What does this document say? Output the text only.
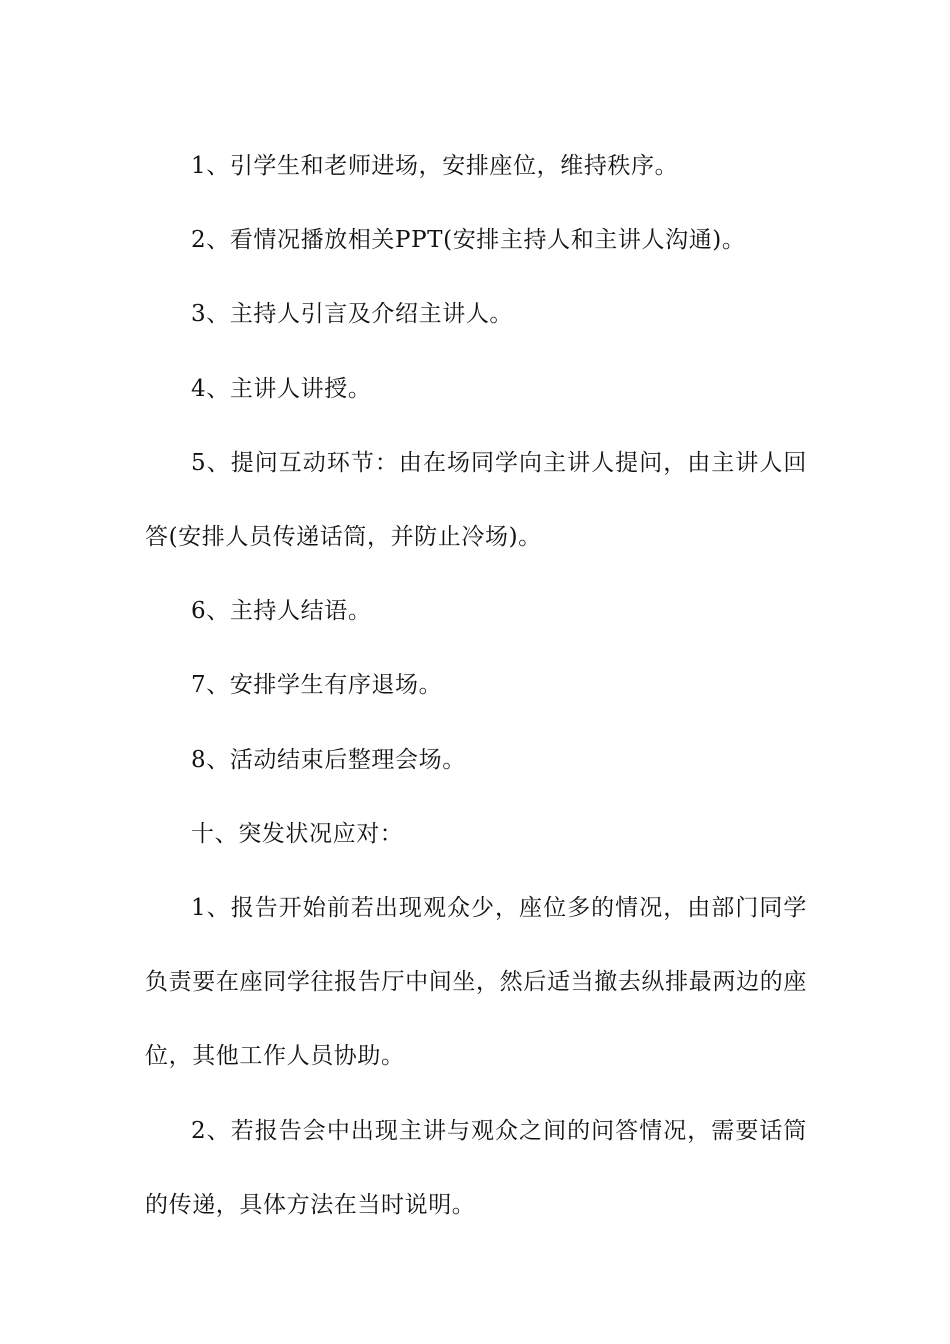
1、引学生和老师进场，安排座位，维持秩序。

2、看情况播放相关PPT(安排主持人和主讲人沟通)。

3、主持人引言及介绍主讲人。

4、主讲人讲授。

5、提问互动环节：由在场同学向主讲人提问，由主讲人回答(安排人员传递话筒，并防止冷场)。

6、主持人结语。

7、安排学生有序退场。

8、活动结束后整理会场。

十、突发状况应对：

1、报告开始前若出现观众少，座位多的情况，由部门同学负责要在座同学往报告厅中间坐，然后适当撤去纵排最两边的座位，其他工作人员协助。

2、若报告会中出现主讲与观众之间的问答情况，需要话筒的传递，具体方法在当时说明。
